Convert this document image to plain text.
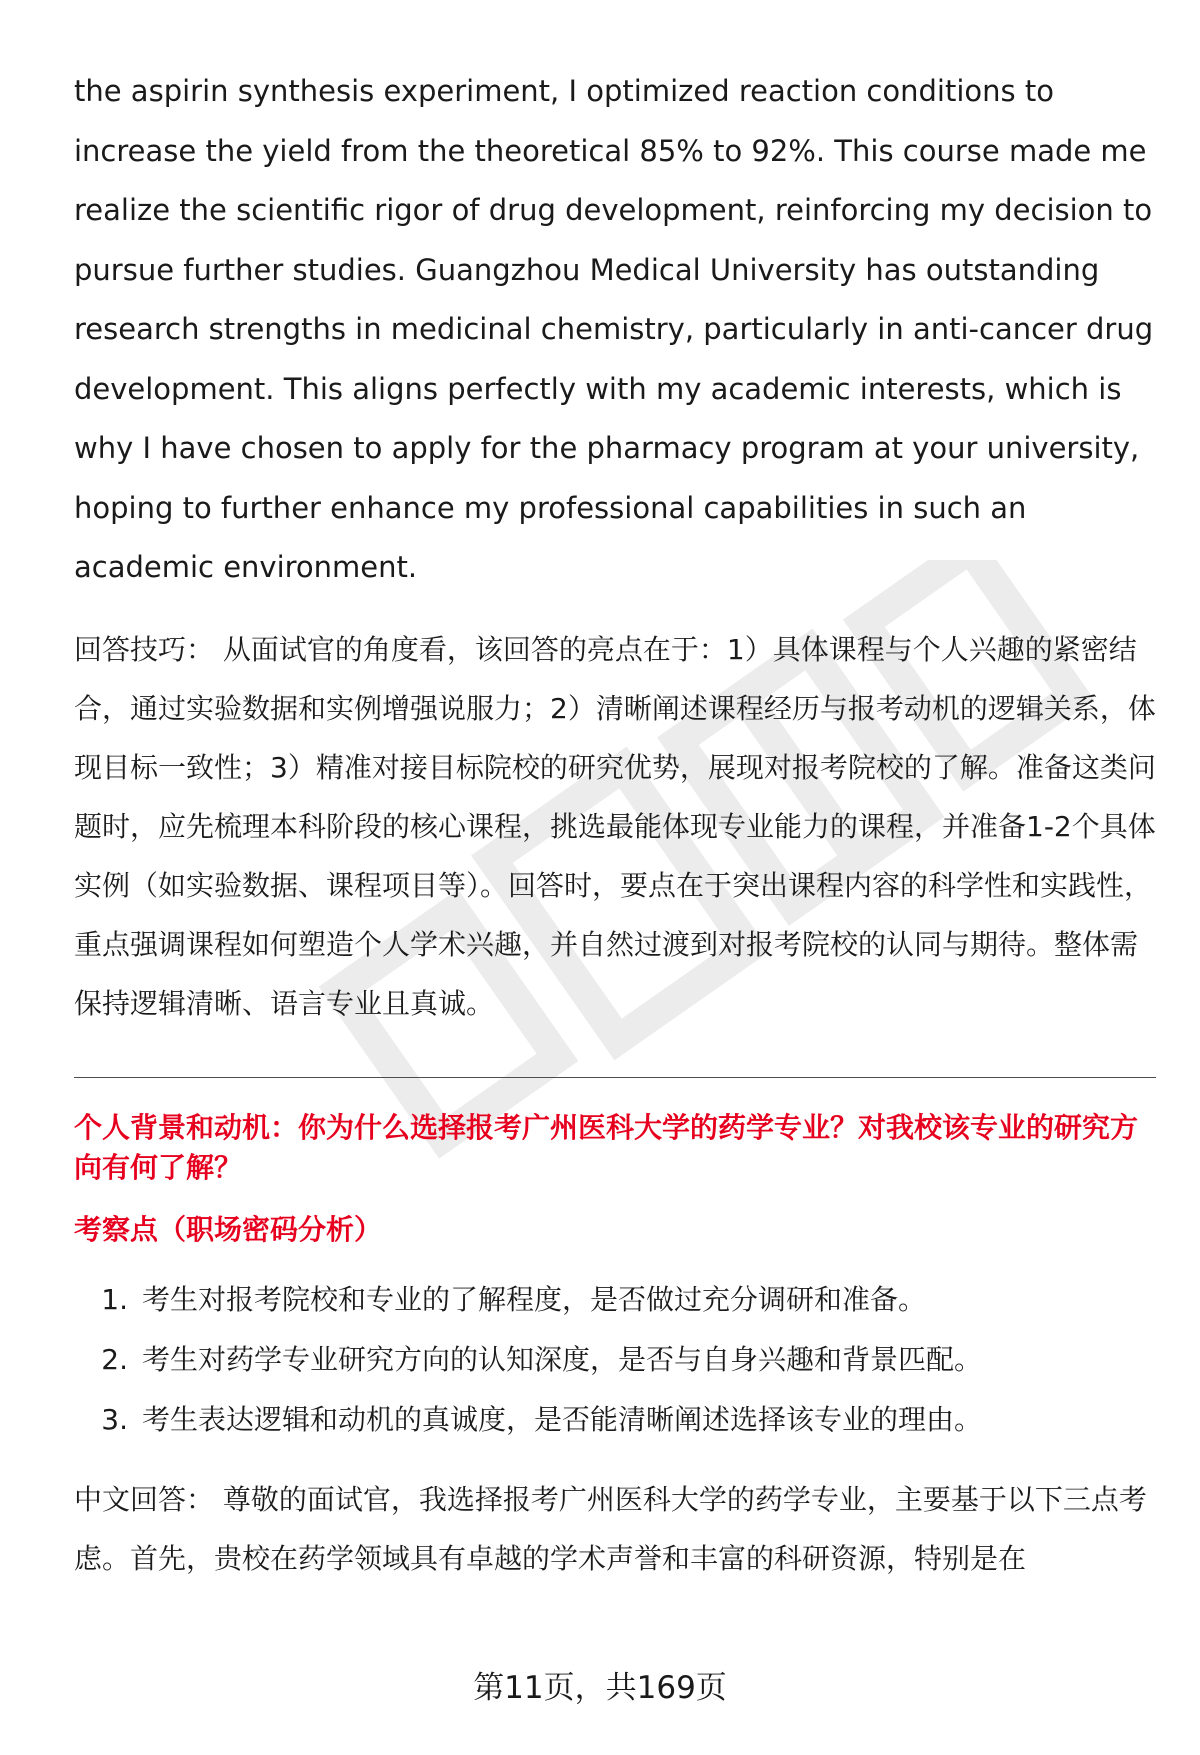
the aspirin synthesis experiment, I optimized reaction conditions to increase the yield from the theoretical 85% to 92%. This course made me realize the scientific rigor of drug development, reinforcing my decision to pursue further studies. Guangzhou Medical University has outstanding research strengths in medicinal chemistry, particularly in anti-cancer drug development. This aligns perfectly with my academic interests, which is why I have chosen to apply for the pharmacy program at your university, hoping to further enhance my professional capabilities in such an academic environment.

回答技巧： 从面试官的角度看，该回答的亮点在于：1）具体课程与个人兴趣的紧密结合，通过实验数据和实例增强说服力；2）清晰阐述课程经历与报考动机的逻辑关系，体现目标一致性；3）精准对接目标院校的研究优势，展现对报考院校的了解。准备这类问题时，应先梳理本科阶段的核心课程，挑选最能体现专业能力的课程，并准备1-2个具体实例（如实验数据、课程项目等）。回答时，要点在于突出课程内容的科学性和实践性，重点强调课程如何塑造个人学术兴趣，并自然过渡到对报考院校的认同与期待。整体需保持逻辑清晰、语言专业且真诚。

个人背景和动机：你为什么选择报考广州医科大学的药学专业？对我校该专业的研究方向有何了解？
考察点（职场密码分析）
1. 考生对报考院校和专业的了解程度，是否做过充分调研和准备。
2. 考生对药学专业研究方向的认知深度，是否与自身兴趣和背景匹配。
3. 考生表达逻辑和动机的真诚度，是否能清晰阐述选择该专业的理由。

中文回答： 尊敬的面试官，我选择报考广州医科大学的药学专业，主要基于以下三点考虑。首先，贵校在药学领域具有卓越的学术声誉和丰富的科研资源，特别是在

第11页，共169页
